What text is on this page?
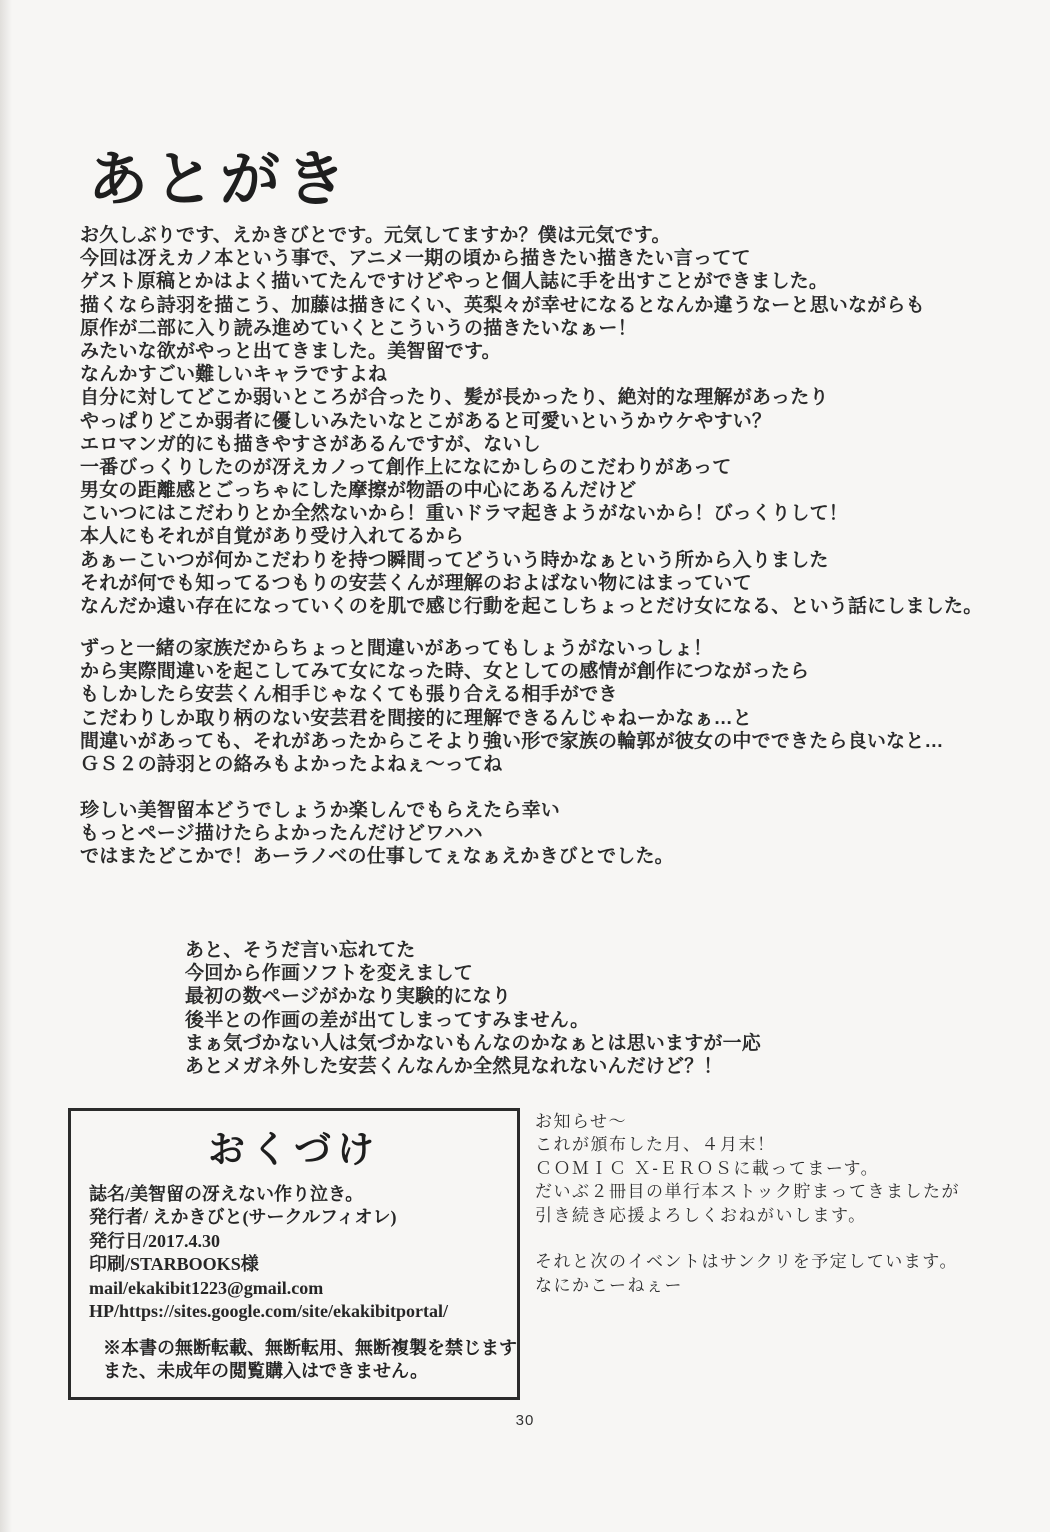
あとがき
お久しぶりです、えかきびとです。元気してますか？僕は元気です。
今回は冴えカノ本という事で、アニメ一期の頃から描きたい描きたい言ってて
ゲスト原稿とかはよく描いてたんですけどやっと個人誌に手を出すことができました。
描くなら詩羽を描こう、加藤は描きにくい、英梨々が幸せになるとなんか違うなーと思いながらも
原作が二部に入り読み進めていくとこういうの描きたいなぁー！
みたいな欲がやっと出てきました。美智留です。
なんかすごい難しいキャラですよね
自分に対してどこか弱いところが合ったり、髪が長かったり、絶対的な理解があったり
やっぱりどこか弱者に優しいみたいなとこがあると可愛いというかウケやすい？
エロマンガ的にも描きやすさがあるんですが、ないし
一番びっくりしたのが冴えカノって創作上になにかしらのこだわりがあって
男女の距離感とごっちゃにした摩擦が物語の中心にあるんだけど
こいつにはこだわりとか全然ないから！重いドラマ起きようがないから！びっくりして！
本人にもそれが自覚があり受け入れてるから
あぁーこいつが何かこだわりを持つ瞬間ってどういう時かなぁという所から入りました
それが何でも知ってるつもりの安芸くんが理解のおよばない物にはまっていて
なんだか遠い存在になっていくのを肌で感じ行動を起こしちょっとだけ女になる、という話にしました。
ずっと一緒の家族だからちょっと間違いがあってもしょうがないっしょ！
から実際間違いを起こしてみて女になった時、女としての感情が創作につながったら
もしかしたら安芸くん相手じゃなくても張り合える相手ができ
こだわりしか取り柄のない安芸君を間接的に理解できるんじゃねーかなぁ…と
間違いがあっても、それがあったからこそより強い形で家族の輪郭が彼女の中でできたら良いなと…
ＧＳ２の詩羽との絡みもよかったよねぇ～ってね
珍しい美智留本どうでしょうか楽しんでもらえたら幸い
もっとページ描けたらよかったんだけどワハハ
ではまたどこかで！あーラノベの仕事してぇなぁえかきびとでした。
あと、そうだ言い忘れてた
今回から作画ソフトを変えまして
最初の数ページがかなり実験的になり
後半との作画の差が出てしまってすみません。
まぁ気づかない人は気づかないもんなのかなぁとは思いますが一応
あとメガネ外した安芸くんなんか全然見なれないんだけど？！
おくづけ
誌名/美智留の冴えない作り泣き。
発行者/ えかきびと(サークルフィオレ)
発行日/2017.4.30
印刷/STARBOOKS様
mail/ekakibit1223@gmail.com
HP/https://sites.google.com/site/ekakibitportal/
※本書の無断転載、無断転用、無断複製を禁じます
また、未成年の閲覧購入はできません。
お知らせ～
これが頒布した月、４月末！
ＣＯＭＩＣ Ｘ-ＥＲＯＳに載ってまーす。
だいぶ２冊目の単行本ストック貯まってきましたが
引き続き応援よろしくおねがいします。

それと次のイベントはサンクリを予定しています。
なにかこーねぇー
30
